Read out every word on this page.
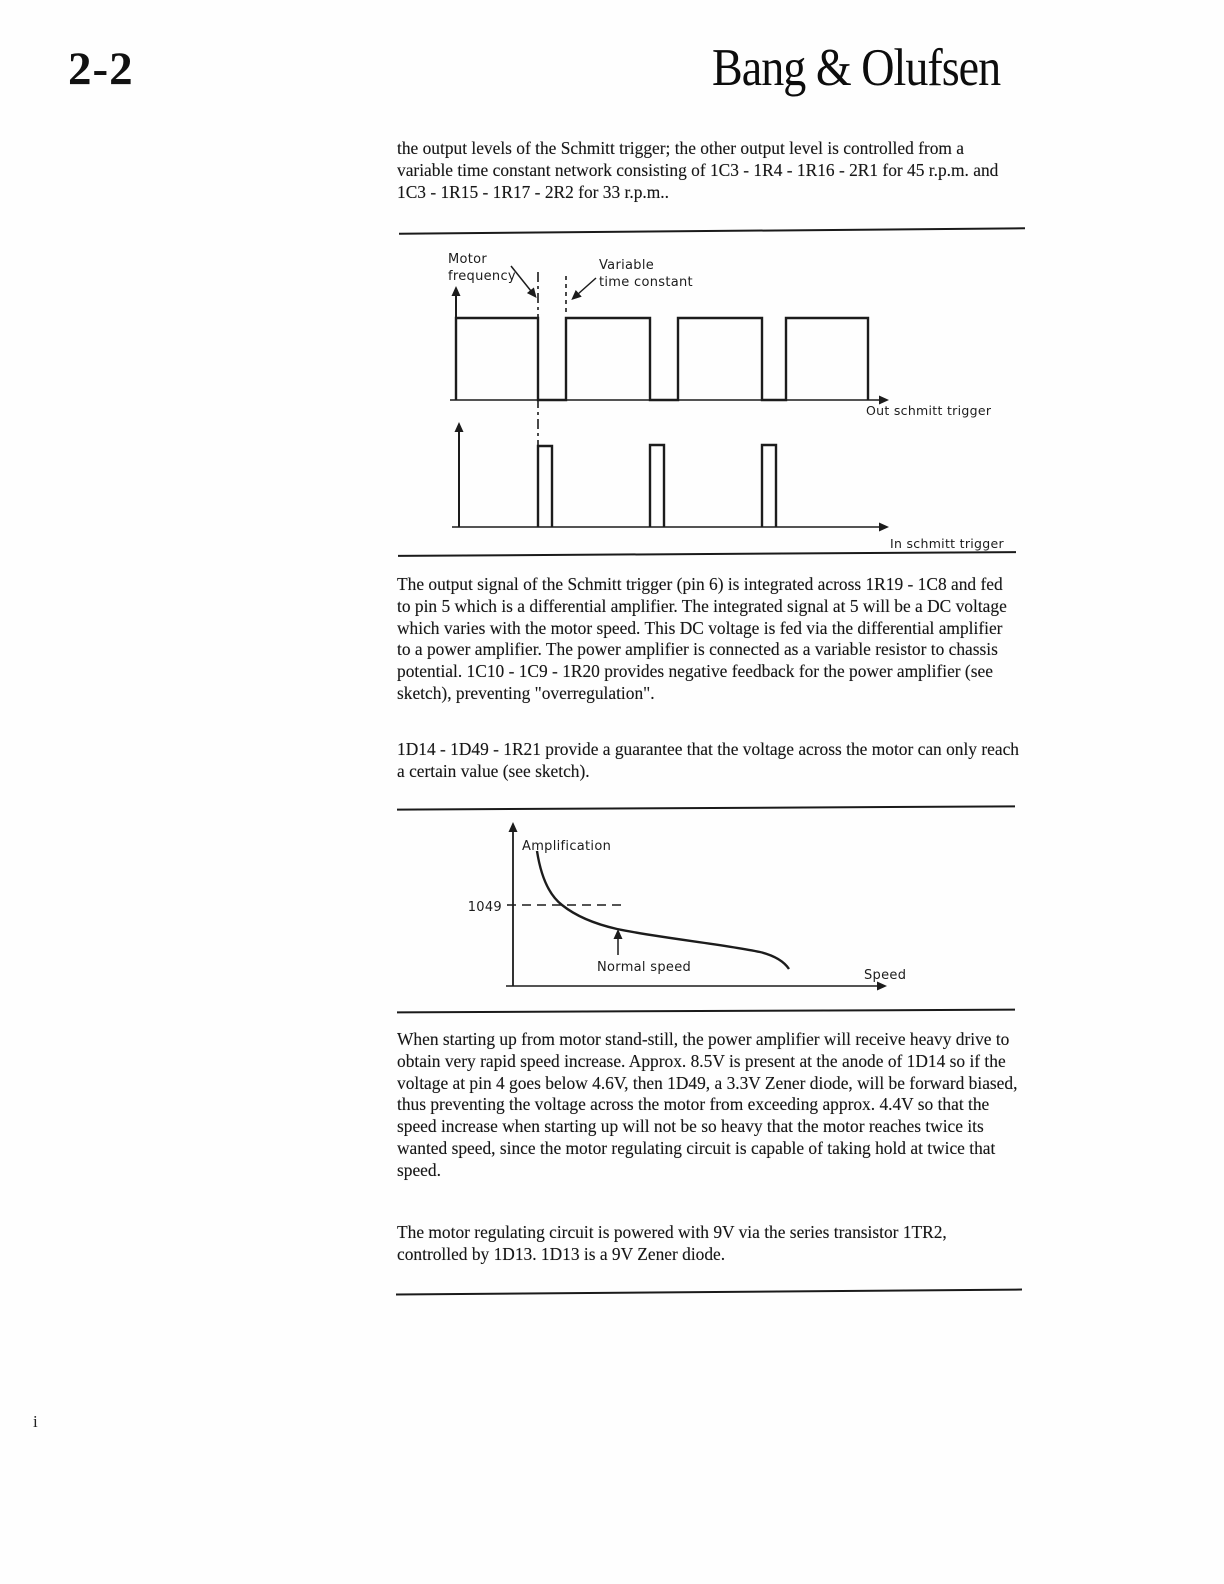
2-2	Bang & Olufsen
the output levels of the Schmitt trigger; the other output level is controlled from a variable time constant network consisting of 1C3 - 1R4 - 1R16 - 2R1 for 45 r.p.m. and 1C3 - 1R15 - 1R17 - 2R2 for 33 r.p.m..
Motor
frequency
Variable
time constant
Out schmitt trigger
In schmitt trigger
The output signal of the Schmitt trigger (pin 6) is integrated across 1R19 - 1C8 and fed to pin 5 which is a differential amplifier. The integrated signal at 5 will be a DC voltage which varies with the motor speed. This DC voltage is fed via the differential amplifier to a power amplifier. The power amplifier is connected as a variable resistor to chassis potential. 1C10 - 1C9 - 1R20 provides negative feedback for the power amplifier (see sketch), preventing "overregulation".
1D14 - 1D49 - 1R21 provide a guarantee that the voltage across the motor can only reach a certain value (see sketch).
Amplification
1049
Normal speed
Speed
When starting up from motor stand-still, the power amplifier will receive heavy drive to obtain very rapid speed increase. Approx. 8.5V is present at the anode of 1D14 so if the voltage at pin 4 goes below 4.6V, then 1D49, a 3.3V Zener diode, will be forward biased, thus preventing the voltage across the motor from exceeding approx. 4.4V so that the speed increase when starting up will not be so heavy that the motor reaches twice its wanted speed, since the motor regulating circuit is capable of taking hold at twice that speed.
The motor regulating circuit is powered with 9V via the series transistor 1TR2, controlled by 1D13. 1D13 is a 9V Zener diode.
i
